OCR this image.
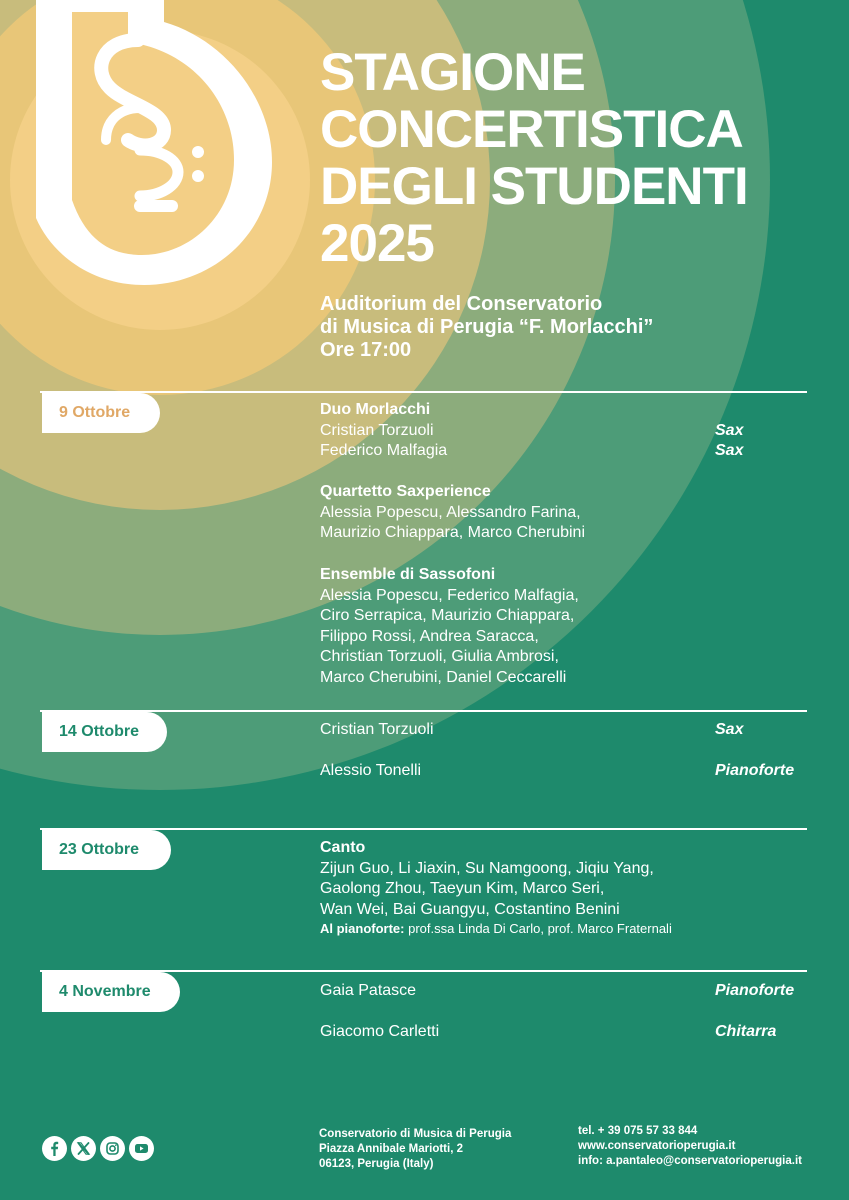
STAGIONE
CONCERTISTICA
DEGLI STUDENTI
2025
Auditorium del Conservatorio
di Musica di Perugia “F. Morlacchi”
Ore 17:00
9 Ottobre	Duo Morlacchi
Cristian Torzuoli	Sax
Federico Malfagia	Sax
Quartetto Saxperience
Alessia Popescu, Alessandro Farina,
Maurizio Chiappara, Marco Cherubini
Ensemble di Sassofoni
Alessia Popescu, Federico Malfagia,
Ciro Serrapica, Maurizio Chiappara,
Filippo Rossi, Andrea Saracca,
Christian Torzuoli, Giulia Ambrosi,
Marco Cherubini, Daniel Ceccarelli
14 Ottobre	Cristian Torzuoli	Sax
Alessio Tonelli	Pianoforte
23 Ottobre	Canto
Zijun Guo, Li Jiaxin, Su Namgoong, Jiqiu Yang,
Gaolong Zhou, Taeyun Kim, Marco Seri,
Wan Wei, Bai Guangyu, Costantino Benini
Al pianoforte: prof.ssa Linda Di Carlo, prof. Marco Fraternali
4 Novembre	Gaia Patasce	Pianoforte
Giacomo Carletti	Chitarra
Conservatorio di Musica di Perugia
Piazza Annibale Mariotti, 2
06123, Perugia (Italy)
tel. + 39 075 57 33 844
www.conservatorioperugia.it
info: a.pantaleo@conservatorioperugia.it
